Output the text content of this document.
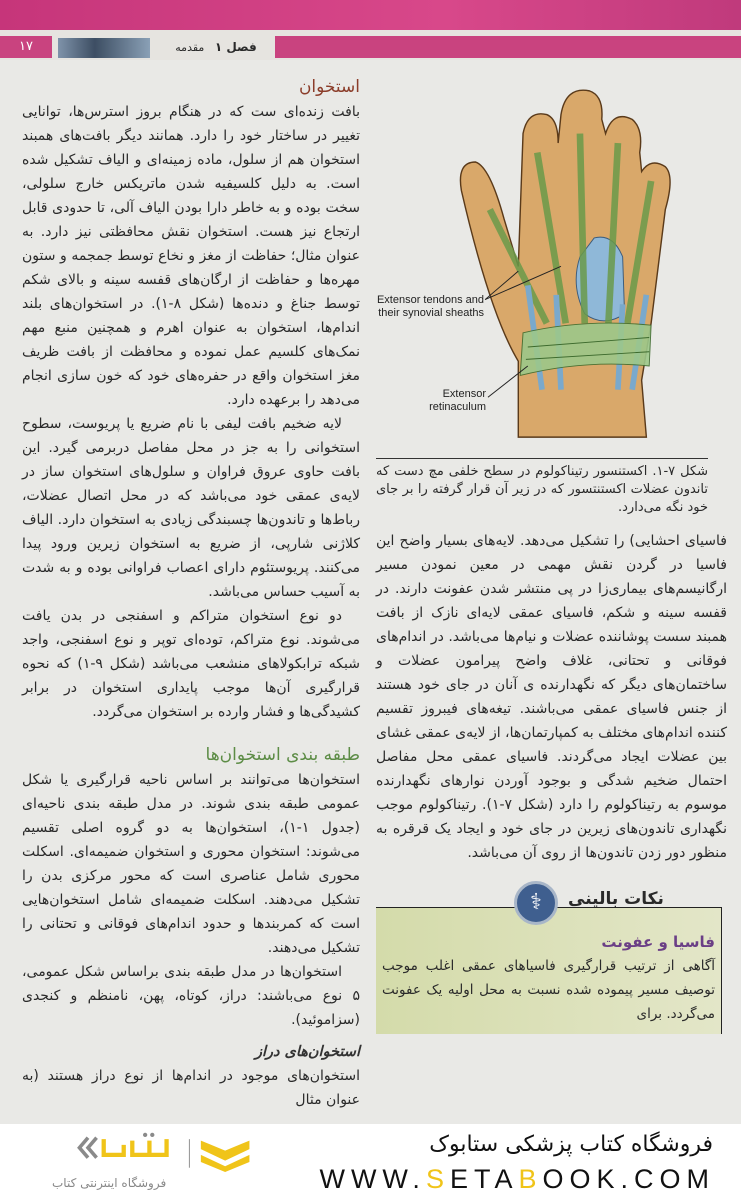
۱۷	فصل ۱   مقدمه
استخوان

بافت زنده‌ای ست که در هنگام بروز استرس‌ها، توانایی تغییر در ساختار خود را دارد. همانند دیگر بافت‌های همبند استخوان هم از سلول، ماده زمینه‌ای و الیاف تشکیل شده است. به دلیل کلسیفیه شدن ماتریکس خارج سلولی، سخت بوده و به خاطر دارا بودن الیاف آلی، تا حدودی قابل ارتجاع نیز هست. استخوان نقش محافظتی نیز دارد. به عنوان مثال؛ حفاظت از مغز و نخاع توسط جمجمه و ستون مهره‌ها و حفاظت از ارگان‌های قفسه سینه و بالای شکم توسط جناغ و دنده‌ها (شکل ۸-۱). در استخوان‌های بلند اندام‌ها، استخوان به عنوان اهرم و همچنین منبع مهم نمک‌های کلسیم عمل نموده و محافظت از بافت ظریف مغز استخوان واقع در حفره‌های خود که خون سازی انجام می‌دهد را برعهده دارد.

لایه ضخیم بافت لیفی با نام ضریع یا پریوست، سطوح استخوانی را به جز در محل مفاصل دربرمی گیرد. این بافت حاوی عروق فراوان و سلول‌های استخوان ساز در لایه‌ی عمقی خود می‌باشد که در محل اتصال عضلات، رباط‌ها و تاندون‌ها چسبندگی زیادی به استخوان دارد. الیاف کلاژنی شارپی، از ضریع به استخوان زیرین ورود پیدا می‌کنند. پریوستئوم دارای اعصاب فراوانی بوده و به شدت به آسیب حساس می‌باشد.

دو نوع استخوان متراکم و اسفنجی در بدن یافت می‌شوند. نوع متراکم، توده‌ای توپر و نوع اسفنجی، واجد شبکه ترابکولاهای منشعب می‌باشد (شکل ۹-۱) که نحوه قرارگیری آن‌ها موجب پایداری استخوان در برابر کشیدگی‌ها و فشار وارده بر استخوان می‌گردد.

طبقه بندی استخوان‌ها

استخوان‌ها می‌توانند بر اساس ناحیه قرارگیری یا شکل عمومی طبقه بندی شوند. در مدل طبقه بندی ناحیه‌ای (جدول ۱-۱)، استخوان‌ها به دو گروه اصلی تقسیم می‌شوند: استخوان محوری و استخوان ضمیمه‌ای. اسکلت محوری شامل عناصری است که محور مرکزی بدن را تشکیل می‌دهند. اسکلت ضمیمه‌ای شامل استخوان‌هایی است که کمربندها و حدود اندام‌های فوقانی و تحتانی را تشکیل می‌دهند.

استخوان‌ها در مدل طبقه بندی براساس شکل عمومی، ۵ نوع می‌باشند: دراز، کوتاه، پهن، نامنظم و کنجدی (سزاموئید).

استخوان‌های دراز

استخوان‌های موجود در اندام‌ها از نوع دراز هستند (به عنوان مثال

Extensor tendons and their synovial sheaths
Extensor retinaculum
شکل ۷-۱. اکستنسور رتیناکولوم در سطح خلفی مچ دست که تاندون عضلات اکستنتسور که در زیر آن قرار گرفته را بر جای خود نگه می‌دارد.

فاسیای احشایی) را تشکیل می‌دهد. لایه‌های بسیار واضح این فاسیا در گردن نقش مهمی در معین نمودن مسیر ارگانیسم‌های بیماری‌زا در پی منتشر شدن عفونت دارند. در قفسه سینه و شکم، فاسیای عمقی لایه‌ای نازک از بافت همبند سست پوشاننده عضلات و نیام‌ها می‌باشد. در اندام‌های فوقانی و تحتانی، غلاف واضح پیرامون عضلات و ساختمان‌های دیگر که نگهدارنده ی آنان در جای خود هستند از جنس فاسیای عمقی می‌باشند. تیغه‌های فیبروز تقسیم کننده اندام‌های مختلف به کمپارتمان‌ها، از لایه‌ی عمقی غشای بین عضلات ایجاد می‌گردند. فاسیای عمقی محل مفاصل احتمال ضخیم شدگی و بوجود آوردن نوارهای نگهدارنده موسوم به رتیناکولوم را دارد (شکل ۷-۱). رتیناکولوم موجب نگهداری تاندون‌های زیرین در جای خود و ایجاد یک قرقره به منظور دور زدن تاندون‌ها از روی آن می‌باشد.

⚕	نکات بالینی
فاسیا و عفونت
آگاهی از ترتیب قرارگیری فاسیاهای عمقی اغلب موجب توصیف مسیر پیموده شده نسبت به محل اولیه یک عفونت می‌گردد. برای
فروشگاه اینترنتی کتاب
فروشگاه کتاب پزشکی ستابوک
WWW.SETABOOK.COM
